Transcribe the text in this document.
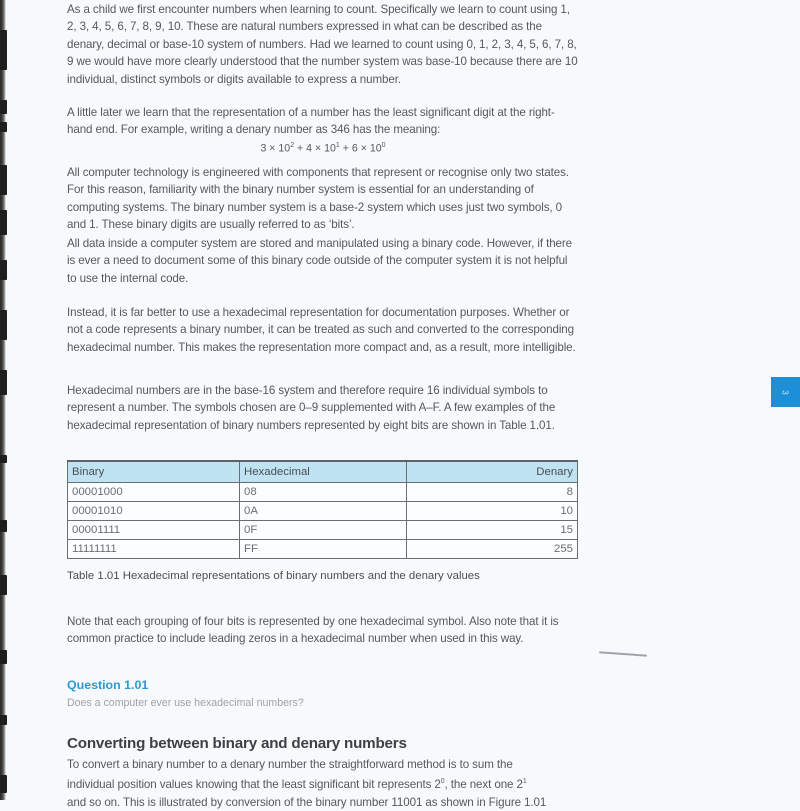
As a child we first encounter numbers when learning to count. Specifically we learn to count using 1, 2, 3, 4, 5, 6, 7, 8, 9, 10. These are natural numbers expressed in what can be described as the denary, decimal or base-10 system of numbers. Had we learned to count using 0, 1, 2, 3, 4, 5, 6, 7, 8, 9 we would have more clearly understood that the number system was base-10 because there are 10 individual, distinct symbols or digits available to express a number.

A little later we learn that the representation of a number has the least significant digit at the right-hand end. For example, writing a denary number as 346 has the meaning:

$3 \times 10^2 + 4 \times 10^1 + 6 \times 10^0$

All computer technology is engineered with components that represent or recognise only two states. For this reason, familiarity with the binary number system is essential for an understanding of computing systems. The binary number system is a base-2 system which uses just two symbols, 0 and 1. These binary digits are usually referred to as ‘bits’.

All data inside a computer system are stored and manipulated using a binary code. However, if there is ever a need to document some of this binary code outside of the computer system it is not helpful to use the internal code.

Instead, it is far better to use a hexadecimal representation for documentation purposes. Whether or not a code represents a binary number, it can be treated as such and converted to the corresponding hexadecimal number. This makes the representation more compact and, as a result, more intelligible.

Hexadecimal numbers are in the base-16 system and therefore require 16 individual symbols to represent a number. The symbols chosen are 0–9 supplemented with A–F. A few examples of the hexadecimal representation of binary numbers represented by eight bits are shown in Table 1.01.

Binary	Hexadecimal	Denary
00001000	08	8
00001010	0A	10
00001111	0F	15
11111111	FF	255
Table 1.01 Hexadecimal representations of binary numbers and the denary values

Note that each grouping of four bits is represented by one hexadecimal symbol. Also note that it is common practice to include leading zeros in a hexadecimal number when used in this way.

Question 1.01
Does a computer ever use hexadecimal numbers?
Converting between binary and denary numbers

To convert a binary number to a denary number the straightforward method is to sum the
individual position values knowing that the least significant bit represents $2^0$, the next one $2^1$
and so on. This is illustrated by conversion of the binary number 11001 as shown in Figure 1.01

3
